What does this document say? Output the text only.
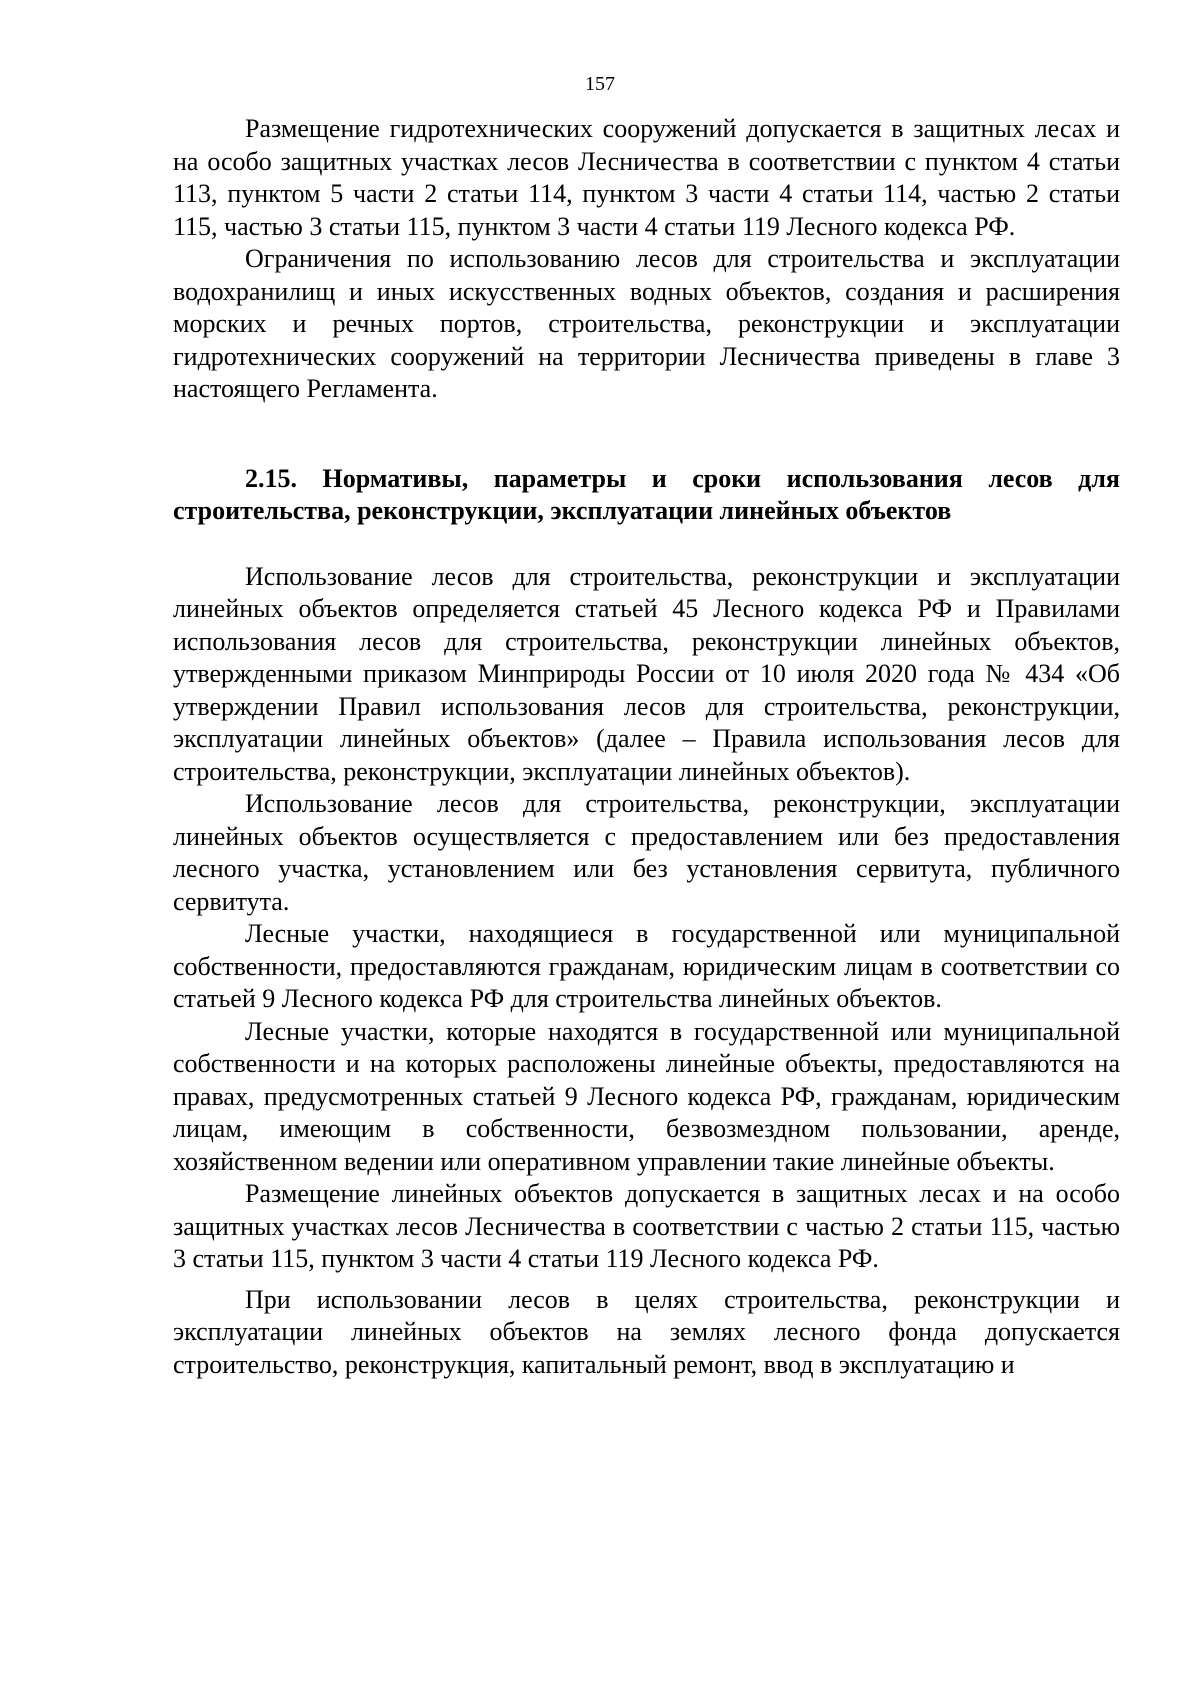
157

Размещение гидротехнических сооружений допускается в защитных лесах и на особо защитных участках лесов Лесничества в соответствии с пунктом 4 статьи 113, пунктом 5 части 2 статьи 114, пунктом 3 части 4 статьи 114, частью 2 статьи 115, частью 3 статьи 115, пунктом 3 части 4 статьи 119 Лесного кодекса РФ.

Ограничения по использованию лесов для строительства и эксплуатации водохранилищ и иных искусственных водных объектов, создания и расширения морских и речных портов, строительства, реконструкции и эксплуатации гидротехнических сооружений на территории Лесничества приведены в главе 3 настоящего Регламента.

2.15. Нормативы, параметры и сроки использования лесов для строительства, реконструкции, эксплуатации линейных объектов

Использование лесов для строительства, реконструкции и эксплуатации линейных объектов определяется статьей 45 Лесного кодекса РФ и Правилами использования лесов для строительства, реконструкции линейных объектов, утвержденными приказом Минприроды России от 10 июля 2020 года № 434 «Об утверждении Правил использования лесов для строительства, реконструкции, эксплуатации линейных объектов» (далее – Правила использования лесов для строительства, реконструкции, эксплуатации линейных объектов).

Использование лесов для строительства, реконструкции, эксплуатации линейных объектов осуществляется с предоставлением или без предоставления лесного участка, установлением или без установления сервитута, публичного сервитута.

Лесные участки, находящиеся в государственной или муниципальной собственности, предоставляются гражданам, юридическим лицам в соответствии со статьей 9 Лесного кодекса РФ для строительства линейных объектов.

Лесные участки, которые находятся в государственной или муниципальной собственности и на которых расположены линейные объекты, предоставляются на правах, предусмотренных статьей 9 Лесного кодекса РФ, гражданам, юридическим лицам, имеющим в собственности, безвозмездном пользовании, аренде, хозяйственном ведении или оперативном управлении такие линейные объекты.

Размещение линейных объектов допускается в защитных лесах и на особо защитных участках лесов Лесничества в соответствии с частью 2 статьи 115, частью 3 статьи 115, пунктом 3 части 4 статьи 119 Лесного кодекса РФ.

При использовании лесов в целях строительства, реконструкции и эксплуатации линейных объектов на землях лесного фонда допускается строительство, реконструкция, капитальный ремонт, ввод в эксплуатацию и
